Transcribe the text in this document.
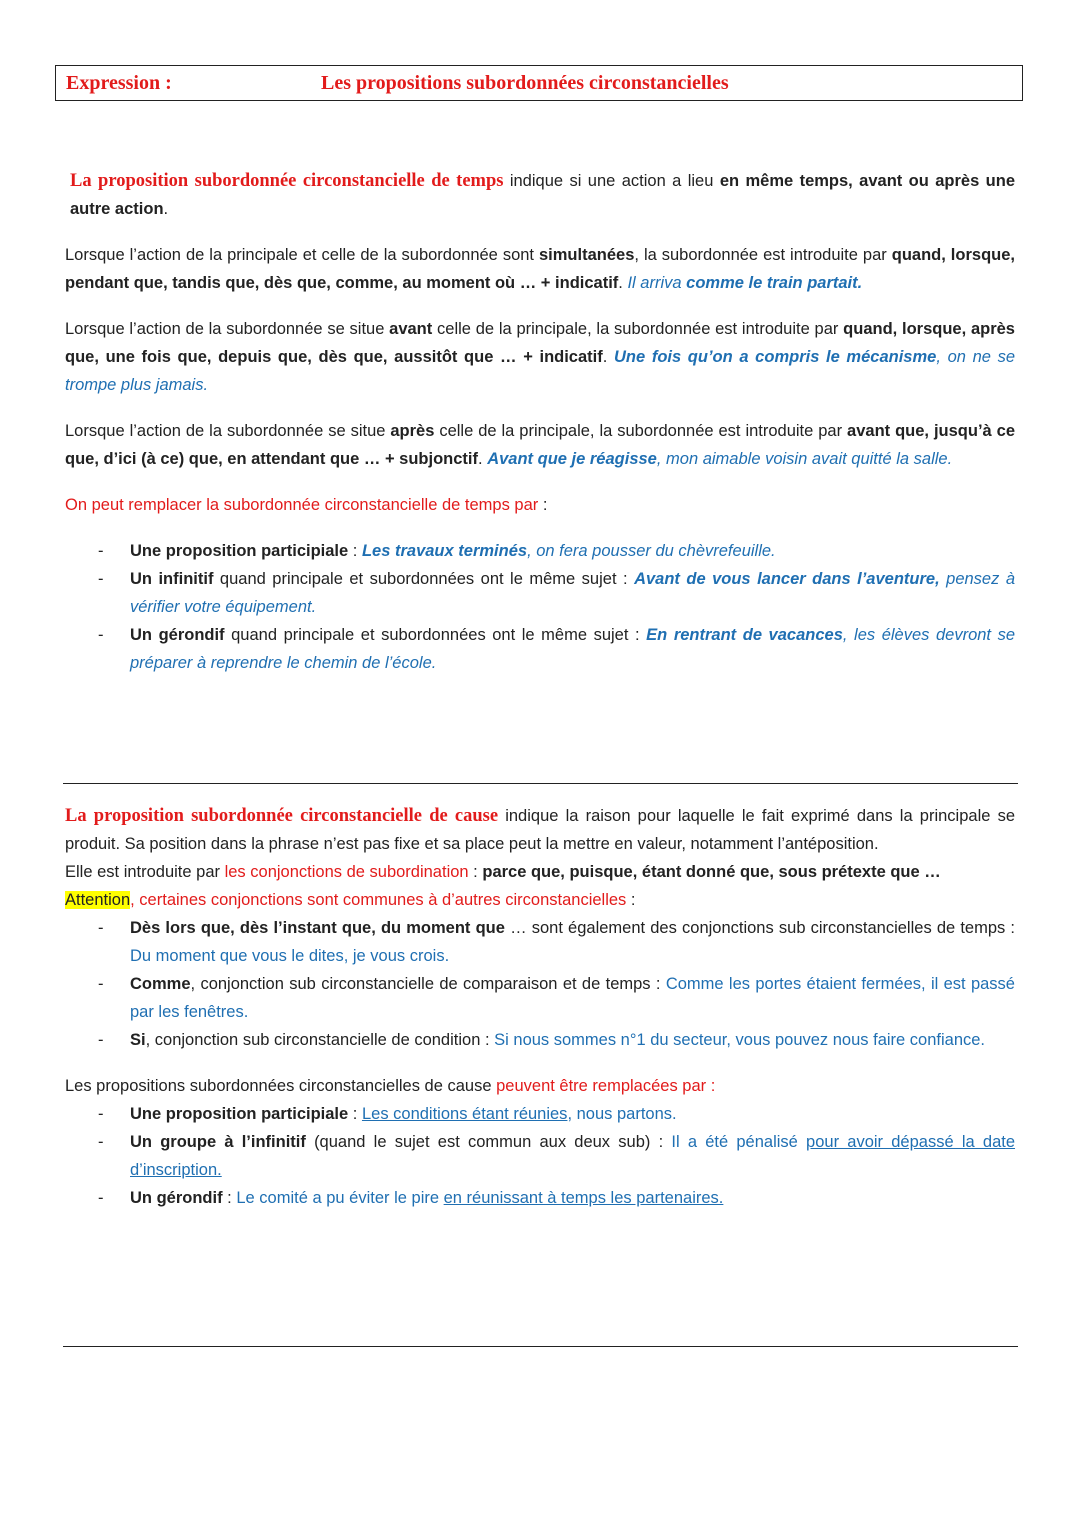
Expression :	Les propositions subordonnées circonstancielles

La proposition subordonnée circonstancielle de temps indique si une action a lieu en même temps, avant ou après une autre action.

Lorsque l’action de la principale et celle de la subordonnée sont simultanées, la subordonnée est introduite par quand, lorsque, pendant que, tandis que, dès que, comme, au moment où … + indicatif. Il arriva comme le train partait.

Lorsque l’action de la subordonnée se situe avant celle de la principale, la subordonnée est introduite par quand, lorsque, après que, une fois que, depuis que, dès que, aussitôt que … + indicatif. Une fois qu’on a compris le mécanisme, on ne se trompe plus jamais.

Lorsque l’action de la subordonnée se situe après celle de la principale, la subordonnée est introduite par avant que, jusqu’à ce que, d’ici (à ce) que, en attendant que … + subjonctif. Avant que je réagisse, mon aimable voisin avait quitté la salle.

On peut remplacer la subordonnée circonstancielle de temps par :

- Une proposition participiale : Les travaux terminés, on fera pousser du chèvrefeuille.
- Un infinitif quand principale et subordonnées ont le même sujet : Avant de vous lancer dans l’aventure, pensez à vérifier votre équipement.
- Un gérondif quand principale et subordonnées ont le même sujet : En rentrant de vacances, les élèves devront se préparer à reprendre le chemin de l’école.

La proposition subordonnée circonstancielle de cause indique la raison pour laquelle le fait exprimé dans la principale se produit. Sa position dans la phrase n’est pas fixe et sa place peut la mettre en valeur, notamment l’antéposition.

Elle est introduite par les conjonctions de subordination : parce que, puisque, étant donné que, sous prétexte que …

Attention, certaines conjonctions sont communes à d’autres circonstancielles :

- Dès lors que, dès l’instant que, du moment que … sont également des conjonctions sub circonstancielles de temps : Du moment que vous le dites, je vous crois.
- Comme, conjonction sub circonstancielle de comparaison et de temps : Comme les portes étaient fermées, il est passé par les fenêtres.
- Si, conjonction sub circonstancielle de condition : Si nous sommes n°1 du secteur, vous pouvez nous faire confiance.

Les propositions subordonnées circonstancielles de cause peuvent être remplacées par :

- Une proposition participiale : Les conditions étant réunies, nous partons.
- Un groupe à l’infinitif (quand le sujet est commun aux deux sub) : Il a été pénalisé pour avoir dépassé la date d’inscription.
- Un gérondif : Le comité a pu éviter le pire en réunissant à temps les partenaires.
